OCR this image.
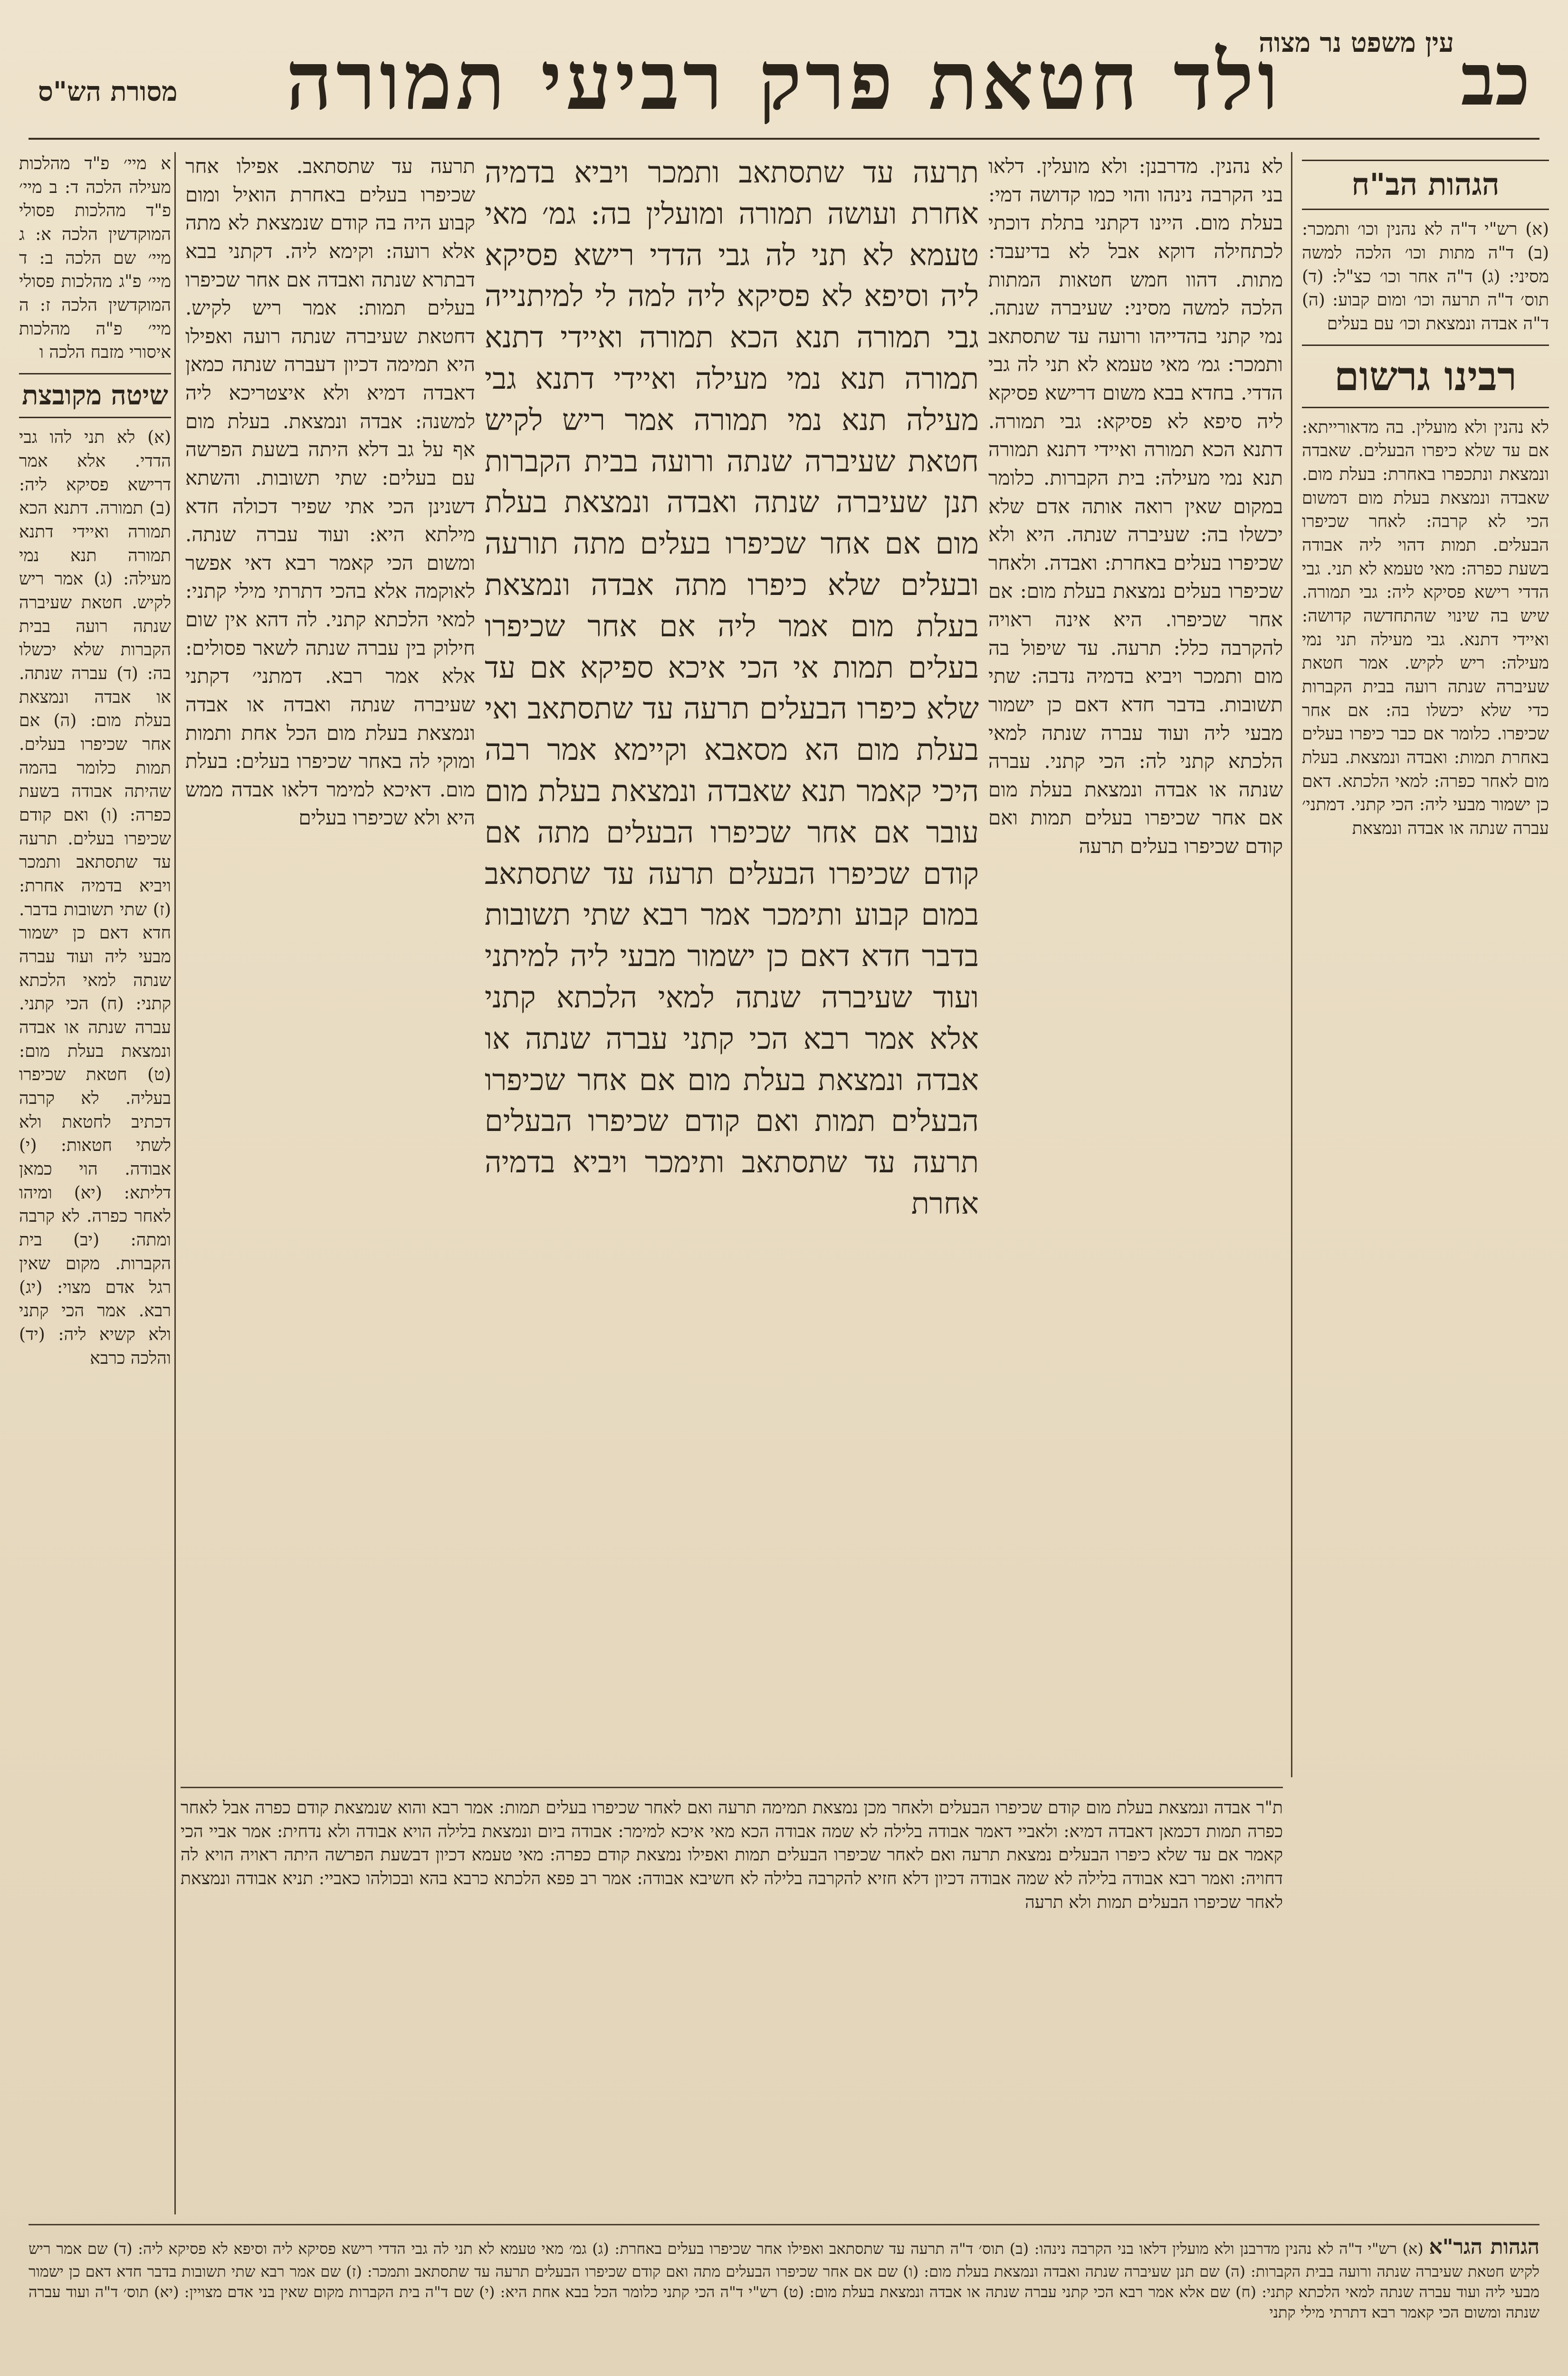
כב
ולד חטאת פרק רביעי תמורה
מסורת הש"ס
עין משפט נר מצוה
הגהות הב"ח

(א) רש"י ד"ה לא נהנין וכו׳ ותמכר: (ב) ד"ה מתות וכו׳ הלכה למשה מסיני: (ג) ד"ה אחר וכו׳ כצ"ל: (ד) תוס׳ ד"ה תרעה וכו׳ ומום קבוע: (ה) ד"ה אבדה ונמצאת וכו׳ עם בעלים

רבינו גרשום

לא נהנין ולא מועלין. בה מדאורייתא: אם עד שלא כיפרו הבעלים. שאבדה ונמצאת ונתכפרו באחרת: בעלת מום. שאבדה ונמצאת בעלת מום דמשום הכי לא קרבה: לאחר שכיפרו הבעלים. תמות דהוי ליה אבודה בשעת כפרה: מאי טעמא לא תני. גבי הדדי רישא פסיקא ליה: גבי תמורה. שיש בה שינוי שהתחדשה קדושה: ואיידי דתנא. גבי מעילה תני נמי מעילה: ריש לקיש. אמר חטאת שעיברה שנתה רועה בבית הקברות כדי שלא יכשלו בה: אם אחר שכיפרו. כלומר אם כבר כיפרו בעלים באחרת תמות: ואבדה ונמצאת. בעלת מום לאחר כפרה: למאי הלכתא. דאם כן ישמור מבעי ליה: הכי קתני. דמתני׳ עברה שנתה או אבדה ונמצאת

לא נהנין. מדרבנן: ולא מועלין. דלאו בני הקרבה נינהו והוי כמו קדושה דמי: בעלת מום. היינו דקתני בתלת דוכתי לכתחילה דוקא אבל לא בדיעבד: מתות. דהוו חמש חטאות המתות הלכה למשה מסיני: שעיברה שנתה. נמי קתני בהדייהו ורועה עד שתסתאב ותמכר: גמ׳ מאי טעמא לא תני לה גבי הדדי. בחדא בבא משום דרישא פסיקא ליה סיפא לא פסיקא: גבי תמורה. דתנא הכא תמורה ואיידי דתנא תמורה תנא נמי מעילה: בית הקברות. כלומר במקום שאין רואה אותה אדם שלא יכשלו בה: שעיברה שנתה. היא ולא שכיפרו בעלים באחרת: ואבדה. ולאחר שכיפרו בעלים נמצאת בעלת מום: אם אחר שכיפרו. היא אינה ראויה להקרבה כלל: תרעה. עד שיפול בה מום ותמכר ויביא בדמיה נדבה: שתי תשובות. בדבר חדא דאם כן ישמור מבעי ליה ועוד עברה שנתה למאי הלכתא קתני לה: הכי קתני. עברה שנתה או אבדה ונמצאת בעלת מום אם אחר שכיפרו בעלים תמות ואם קודם שכיפרו בעלים תרעה

תרעה עד שתסתאב ותמכר ויביא בדמיה אחרת ועושה תמורה ומועלין בה: גמ׳ מאי טעמא לא תני לה גבי הדדי רישא פסיקא ליה וסיפא לא פסיקא ליה למה לי למיתנייה גבי תמורה תנא הכא תמורה ואיידי דתנא תמורה תנא נמי מעילה ואיידי דתנא גבי מעילה תנא נמי תמורה אמר ריש לקיש חטאת שעיברה שנתה ורועה בבית הקברות תנן שעיברה שנתה ואבדה ונמצאת בעלת מום אם אחר שכיפרו בעלים מתה תורעה ובעלים שלא כיפרו מתה אבדה ונמצאת בעלת מום אמר ליה אם אחר שכיפרו בעלים תמות אי הכי איכא ספיקא אם עד שלא כיפרו הבעלים תרעה עד שתסתאב ואי בעלת מום הא מסאבא וקיימא אמר רבה היכי קאמר תנא שאבדה ונמצאת בעלת מום עובר אם אחר שכיפרו הבעלים מתה אם קודם שכיפרו הבעלים תרעה עד שתסתאב במום קבוע ותימכר אמר רבא שתי תשובות בדבר חדא דאם כן ישמור מבעי ליה למיתני ועוד שעיברה שנתה למאי הלכתא קתני אלא אמר רבא הכי קתני עברה שנתה או אבדה ונמצאת בעלת מום אם אחר שכיפרו הבעלים תמות ואם קודם שכיפרו הבעלים תרעה עד שתסתאב ותימכר ויביא בדמיה אחרת

תרעה עד שתסתאב. אפילו אחר שכיפרו בעלים באחרת הואיל ומום קבוע היה בה קודם שנמצאת לא מתה אלא רועה: וקימא ליה. דקתני בבא דבתרא שנתה ואבדה אם אחר שכיפרו בעלים תמות: אמר ריש לקיש. דחטאת שעיברה שנתה רועה ואפילו היא תמימה דכיון דעברה שנתה כמאן דאבדה דמיא ולא איצטריכא ליה למשנה: אבדה ונמצאת. בעלת מום אף על גב דלא היתה בשעת הפרשה עם בעלים: שתי תשובות. והשתא דשנינן הכי אתי שפיר דכולה חדא מילתא היא: ועוד עברה שנתה. ומשום הכי קאמר רבא דאי אפשר לאוקמה אלא בהכי דתרתי מילי קתני: למאי הלכתא קתני. לה דהא אין שום חילוק בין עברה שנתה לשאר פסולים: אלא אמר רבא. דמתני׳ דקתני שעיברה שנתה ואבדה או אבדה ונמצאת בעלת מום הכל אחת ותמות ומוקי לה באחר שכיפרו בעלים: בעלת מום. דאיכא למימר דלאו אבדה ממש היא ולא שכיפרו בעלים

א מיי׳ פ"ד מהלכות מעילה הלכה ד: ב מיי׳ פ"ד מהלכות פסולי המוקדשין הלכה א: ג מיי׳ שם הלכה ב: ד מיי׳ פ"ג מהלכות פסולי המוקדשין הלכה ז: ה מיי׳ פ"ה מהלכות איסורי מזבח הלכה ו

שיטה מקובצת

(א) לא תני להו גבי הדדי. אלא אמר דרישא פסיקא ליה: (ב) תמורה. דתנא הכא תמורה ואיידי דתנא תמורה תנא נמי מעילה: (ג) אמר ריש לקיש. חטאת שעיברה שנתה רועה בבית הקברות שלא יכשלו בה: (ד) עברה שנתה. או אבדה ונמצאת בעלת מום: (ה) אם אחר שכיפרו בעלים. תמות כלומר בהמה שהיתה אבודה בשעת כפרה: (ו) ואם קודם שכיפרו בעלים. תרעה עד שתסתאב ותמכר ויביא בדמיה אחרת: (ז) שתי תשובות בדבר. חדא דאם כן ישמור מבעי ליה ועוד עברה שנתה למאי הלכתא קתני: (ח) הכי קתני. עברה שנתה או אבדה ונמצאת בעלת מום: (ט) חטאת שכיפרו בעליה. לא קרבה דכתיב לחטאת ולא לשתי חטאות: (י) אבודה. הוי כמאן דליתא: (יא) ומיהו לאחר כפרה. לא קרבה ומתה: (יב) בית הקברות. מקום שאין רגל אדם מצוי: (יג) רבא. אמר הכי קתני ולא קשיא ליה: (יד) והלכה כרבא

ת"ר אבדה ונמצאת בעלת מום קודם שכיפרו הבעלים ולאחר מכן נמצאת תמימה תרעה ואם לאחר שכיפרו בעלים תמות: אמר רבא והוא שנמצאת קודם כפרה אבל לאחר כפרה תמות דכמאן דאבדה דמיא: ולאביי דאמר אבודה בלילה לא שמה אבודה הכא מאי איכא למימר: אבודה ביום ונמצאת בלילה הויא אבודה ולא נדחית: אמר אביי הכי קאמר אם עד שלא כיפרו הבעלים נמצאת תרעה ואם לאחר שכיפרו הבעלים תמות ואפילו נמצאת קודם כפרה: מאי טעמא דכיון דבשעת הפרשה היתה ראויה הויא לה דחויה: ואמר רבא אבודה בלילה לא שמה אבודה דכיון דלא חזיא להקרבה בלילה לא חשיבא אבודה: אמר רב פפא הלכתא כרבא בהא ובכולהו כאביי: תניא אבודה ונמצאת לאחר שכיפרו הבעלים תמות ולא תרעה

הגהות הגר"א (א) רש"י ד"ה לא נהנין מדרבנן ולא מועלין דלאו בני הקרבה נינהו: (ב) תוס׳ ד"ה תרעה עד שתסתאב ואפילו אחר שכיפרו בעלים באחרת: (ג) גמ׳ מאי טעמא לא תני לה גבי הדדי רישא פסיקא ליה וסיפא לא פסיקא ליה: (ד) שם אמר ריש לקיש חטאת שעיברה שנתה ורועה בבית הקברות: (ה) שם תנן שעיברה שנתה ואבדה ונמצאת בעלת מום: (ו) שם אם אחר שכיפרו הבעלים מתה ואם קודם שכיפרו הבעלים תרעה עד שתסתאב ותמכר: (ז) שם אמר רבא שתי תשובות בדבר חדא דאם כן ישמור מבעי ליה ועוד עברה שנתה למאי הלכתא קתני: (ח) שם אלא אמר רבא הכי קתני עברה שנתה או אבדה ונמצאת בעלת מום: (ט) רש"י ד"ה הכי קתני כלומר הכל בבא אחת היא: (י) שם ד"ה בית הקברות מקום שאין בני אדם מצויין: (יא) תוס׳ ד"ה ועוד עברה שנתה ומשום הכי קאמר רבא דתרתי מילי קתני
